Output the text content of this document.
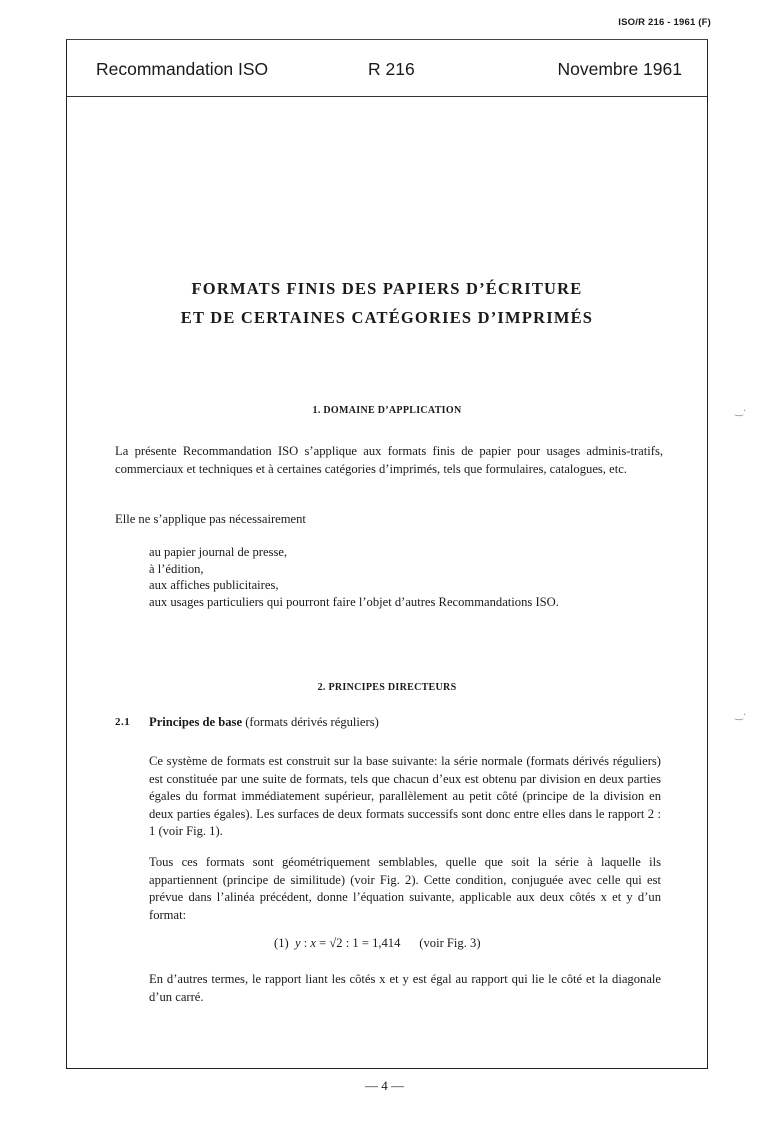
ISO/R 216 - 1961 (F)
Recommandation ISO	R 216	Novembre 1961
FORMATS FINIS DES PAPIERS D’ÉCRITURE
ET DE CERTAINES CATÉGORIES D’IMPRIMÉS
1. DOMAINE D’APPLICATION

La présente Recommandation ISO s’applique aux formats finis de papier pour usages adminis-tratifs, commerciaux et techniques et à certaines catégories d’imprimés, tels que formulaires, catalogues, etc.

Elle ne s’applique pas nécessairement

au papier journal de presse,
à l’édition,
aux affiches publicitaires,
aux usages particuliers qui pourront faire l’objet d’autres Recommandations ISO.
2. PRINCIPES DIRECTEURS
2.1 Principes de base (formats dérivés réguliers)

Ce système de formats est construit sur la base suivante: la série normale (formats dérivés réguliers) est constituée par une suite de formats, tels que chacun d’eux est obtenu par division en deux parties égales du format immédiatement supérieur, parallèlement au petit côté (principe de la division en deux parties égales). Les surfaces de deux formats successifs sont donc entre elles dans le rapport 2 : 1 (voir Fig. 1).

Tous ces formats sont géométriquement semblables, quelle que soit la série à laquelle ils appartiennent (principe de similitude) (voir Fig. 2). Cette condition, conjuguée avec celle qui est prévue dans l’alinéa précédent, donne l’équation suivante, applicable aux deux côtés x et y d’un format:

(1) y : x = √2 : 1 = 1,414 (voir Fig. 3)

En d’autres termes, le rapport liant les côtés x et y est égal au rapport qui lie le côté et la diagonale d’un carré.

— 4 —
‿·
‿·
